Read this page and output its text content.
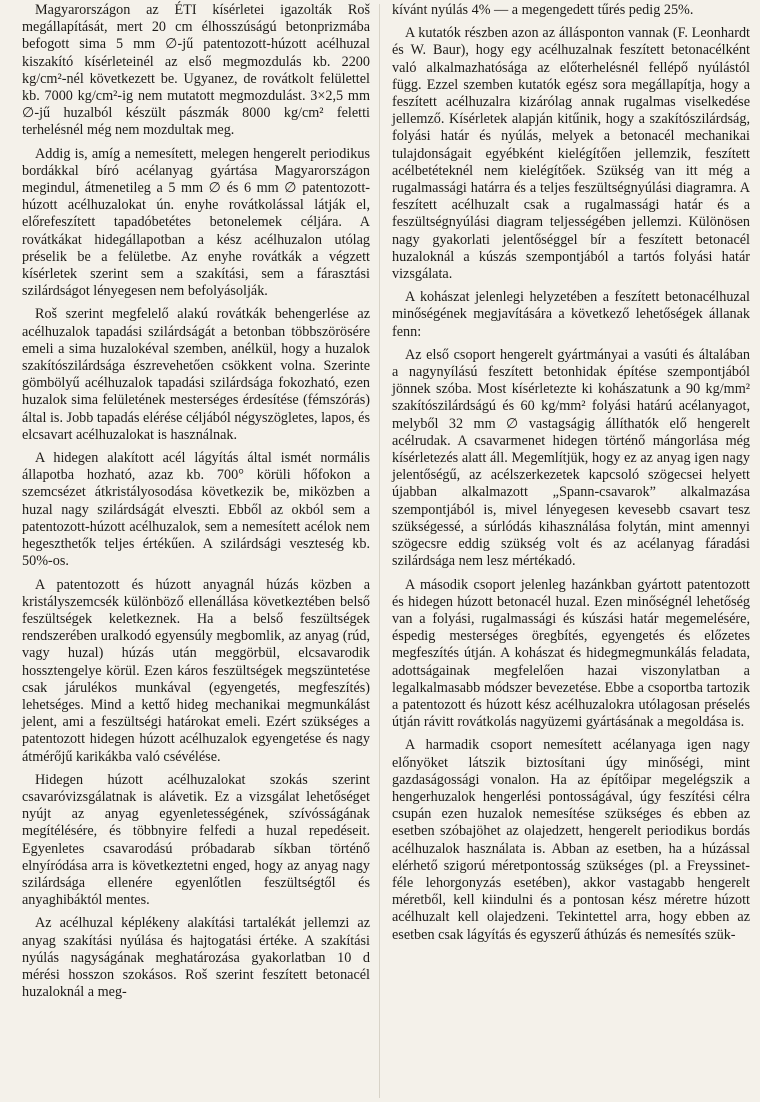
Magyarországon az ÉTI kísérletei igazolták Roš megállapítását, mert 20 cm élhosszúságú betonprizmába befogott sima 5 mm ∅-jű patentozott-húzott acélhuzal kiszakító kísérleteinél az első megmozdulás kb. 2200 kg/cm²-nél következett be. Ugyanez, de rovátkolt felülettel kb. 7000 kg/cm²-ig nem mutatott megmozdulást. 3×2,5 mm ∅-jű huzalból készült pászmák 8000 kg/cm² feletti terhelésnél még nem mozdultak meg.

Addig is, amíg a nemesített, melegen hengerelt periodikus bordákkal bíró acélanyag gyártása Magyarországon megindul, átmenetileg a 5 mm ∅ és 6 mm ∅ patentozott-húzott acélhuzalokat ún. enyhe rovátkolással látják el, előrefeszített tapadóbetétes betonelemek céljára. A rovátkákat hidegállapotban a kész acélhuzalon utólag préselik be a felületbe. Az enyhe rovátkák a végzett kísérletek szerint sem a szakítási, sem a fárasztási szilárdságot lényegesen nem befolyásolják.

Roš szerint megfelelő alakú rovátkák behengerlése az acélhuzalok tapadási szilárdságát a betonban többszörösére emeli a sima huzalokéval szemben, anélkül, hogy a huzalok szakítószilárdsága észrevehetően csökkent volna. Szerinte gömbölyű acélhuzalok tapadási szilárdsága fokozható, ezen huzalok sima felületének mesterséges érdesítése (fémszórás) által is. Jobb tapadás elérése céljából négyszögletes, lapos, és elcsavart acélhuzalokat is használnak.

A hidegen alakított acél lágyítás által ismét normális állapotba hozható, azaz kb. 700° körüli hőfokon a szemcsézet átkristályosodása következik be, miközben a huzal nagy szilárdságát elveszti. Ebből az okból sem a patentozott-húzott acélhuzalok, sem a nemesített acélok nem hegeszthetők teljes értékűen. A szilárdsági veszteség kb. 50%-os.

A patentozott és húzott anyagnál húzás közben a kristályszemcsék különböző ellenállása következtében belső feszültségek keletkeznek. Ha a belső feszültségek rendszerében uralkodó egyensúly megbomlik, az anyag (rúd, vagy huzal) húzás után meggörbül, elcsavarodik hossztengelye körül. Ezen káros feszültségek megszüntetése csak járulékos munkával (egyengetés, megfeszítés) lehetséges. Mind a kettő hideg mechanikai megmunkálást jelent, ami a feszültségi határokat emeli. Ezért szükséges a patentozott hidegen húzott acélhuzalok egyengetése és nagy átmérőjű karikákba való csévélése.

Hidegen húzott acélhuzalokat szokás szerint csavaróvizsgálatnak is alávetik. Ez a vizsgálat lehetőséget nyújt az anyag egyenletességének, szívósságának megítélésére, és többnyire felfedi a huzal repedéseit. Egyenletes csavarodású próbadarab síkban történő elnyíródása arra is következtetni enged, hogy az anyag nagy szilárdsága ellenére egyenlőtlen feszültségtől és anyaghibáktól mentes.

Az acélhuzal képlékeny alakítási tartalékát jellemzi az anyag szakítási nyúlása és hajtogatási értéke. A szakítási nyúlás nagyságának meghatározása gyakorlatban 10 d mérési hosszon szokásos. Roš szerint feszített betonacél huzaloknál a meg-

kívánt nyúlás 4% — a megengedett tűrés pedig 25%.

A kutatók részben azon az állásponton vannak (F. Leonhardt és W. Baur), hogy egy acélhuzalnak feszített betonacélként való alkalmazhatósága az előterhelésnél fellépő nyúlástól függ. Ezzel szemben kutatók egész sora megállapítja, hogy a feszített acélhuzalra kizárólag annak rugalmas viselkedése jellemző. Kísérletek alapján kitűnik, hogy a szakítószilárdság, folyási határ és nyúlás, melyek a betonacél mechanikai tulajdonságait egyébként kielégítően jellemzik, feszített acélbetéteknél nem kielégítőek. Szükség van itt még a rugalmassági határra és a teljes feszültségnyúlási diagramra. A feszített acélhuzalt csak a rugalmassági határ és a feszültségnyúlási diagram teljességében jellemzi. Különösen nagy gyakorlati jelentőséggel bír a feszített betonacél huzaloknál a kúszás szempontjából a tartós folyási határ vizsgálata.

A kohászat jelenlegi helyzetében a feszített betonacélhuzal minőségének megjavítására a következő lehetőségek állanak fenn:

Az első csoport hengerelt gyártmányai a vasúti és általában a nagynyílású feszített betonhidak építése szempontjából jönnek szóba. Most kísérletezte ki kohászatunk a 90 kg/mm² szakítószilárdságú és 60 kg/mm² folyási határú acélanyagot, melyből 32 mm ∅ vastagságig állíthatók elő hengerelt acélrudak. A csavarmenet hidegen történő mángorlása még kísérletezés alatt áll. Megemlítjük, hogy ez az anyag igen nagy jelentőségű, az acélszerkezetek kapcsoló szögecsei helyett újabban alkalmazott „Spann-csavarok” alkalmazása szempontjából is, mivel lényegesen kevesebb csavart tesz szükségessé, a súrlódás kihasználása folytán, mint amennyi szögecsre eddig szükség volt és az acélanyag fáradási szilárdsága nem lesz mértékadó.

A második csoport jelenleg hazánkban gyártott patentozott és hidegen húzott betonacél huzal. Ezen minőségnél lehetőség van a folyási, rugalmassági és kúszási határ megemelésére, éspedig mesterséges öregbítés, egyengetés és előzetes megfeszítés útján. A kohászat és hidegmegmunkálás feladata, adottságainak megfelelően hazai viszonylatban a legalkalmasabb módszer bevezetése. Ebbe a csoportba tartozik a patentozott és húzott kész acélhuzalokra utólagosan préselés útján rávitt rovátkolás nagyüzemi gyártásának a megoldása is.

A harmadik csoport nemesített acélanyaga igen nagy előnyöket látszik biztosítani úgy minőségi, mint gazdaságossági vonalon. Ha az építőipar megelégszik a hengerhuzalok hengerlési pontosságával, úgy feszítési célra csupán ezen huzalok nemesítése szükséges és ebben az esetben szóbajöhet az olajedzett, hengerelt periodikus bordás acélhuzalok használata is. Abban az esetben, ha a húzással elérhető szigorú méretpontosság szükséges (pl. a Freyssinet-féle lehorgonyzás esetében), akkor vastagabb hengerelt méretből, kell kiindulni és a pontosan kész méretre húzott acélhuzalt kell olajedzeni. Tekintettel arra, hogy ebben az esetben csak lágyítás és egyszerű áthúzás és nemesítés szük-
